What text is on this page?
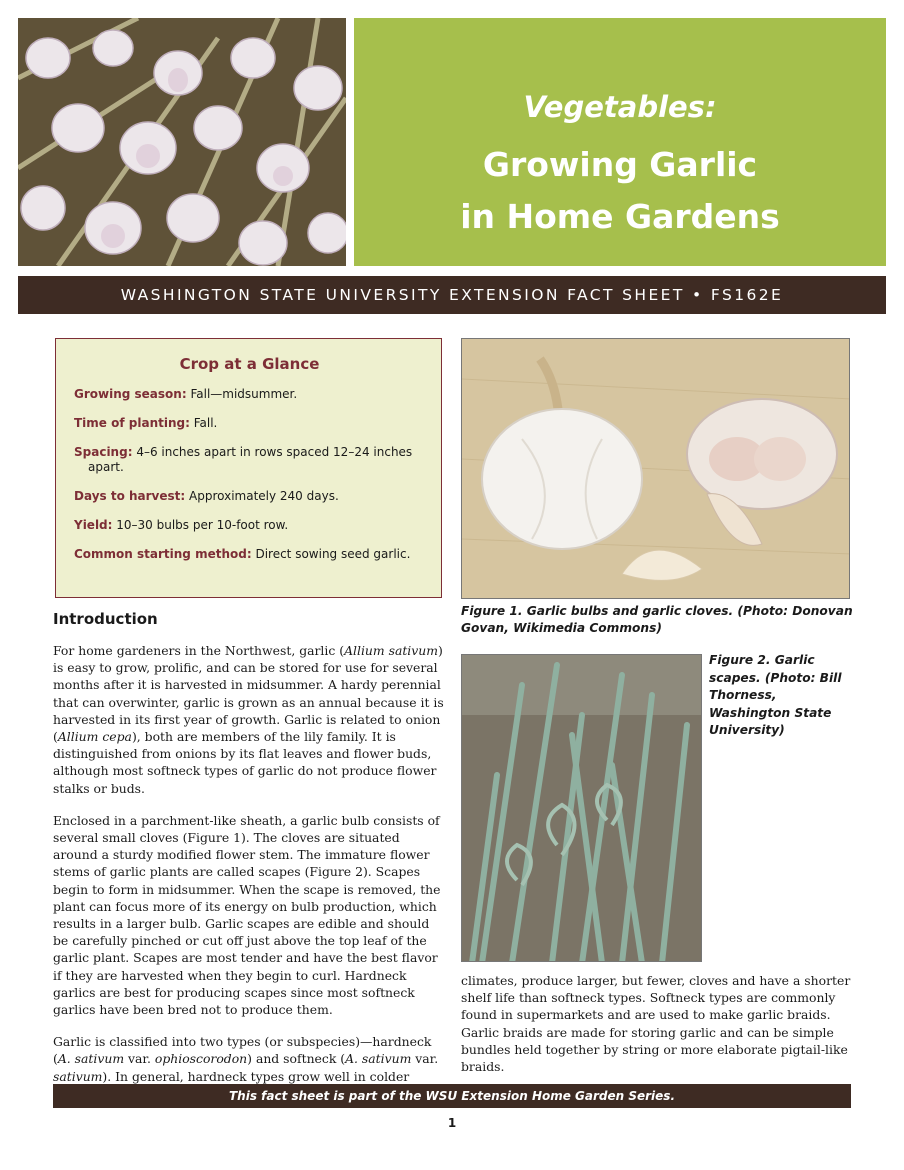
Vegetables:
Growing Garlic
in Home Gardens
WASHINGTON STATE UNIVERSITY EXTENSION FACT SHEET • FS162E
Crop at a Glance
Growing season: Fall—midsummer.
Time of planting: Fall.
Spacing: 4–6 inches apart in rows spaced 12–24 inches apart.
Days to harvest: Approximately 240 days.
Yield: 10–30 bulbs per 10-foot row.
Common starting method: Direct sowing seed garlic.
Figure 1. Garlic bulbs and garlic cloves. (Photo: Donovan Govan, Wikimedia Commons)
Figure 2. Garlic scapes. (Photo: Bill Thorness, Washington State University)
Introduction

For home gardeners in the Northwest, garlic (Allium sativum) is easy to grow, prolific, and can be stored for use for several months after it is harvested in midsummer. A hardy perennial that can overwinter, garlic is grown as an annual because it is harvested in its first year of growth. Garlic is related to onion (Allium cepa), both are members of the lily family. It is distinguished from onions by its flat leaves and flower buds, although most softneck types of garlic do not produce flower stalks or buds.

Enclosed in a parchment-like sheath, a garlic bulb consists of several small cloves (Figure 1). The cloves are situated around a sturdy modified flower stem. The immature flower stems of garlic plants are called scapes (Figure 2). Scapes begin to form in midsummer. When the scape is removed, the plant can focus more of its energy on bulb production, which results in a larger bulb. Garlic scapes are edible and should be carefully pinched or cut off just above the top leaf of the garlic plant. Scapes are most tender and have the best flavor if they are harvested when they begin to curl. Hardneck garlics are best for producing scapes since most softneck garlics have been bred not to produce them.

Garlic is classified into two types (or subspecies)—hardneck (A. sativum var. ophioscorodon) and softneck (A. sativum var. sativum). In general, hardneck types grow well in colder

climates, produce larger, but fewer, cloves and have a shorter shelf life than softneck types. Softneck types are commonly found in supermarkets and are used to make garlic braids. Garlic braids are made for storing garlic and can be simple bundles held together by string or more elaborate pigtail-like braids.
This fact sheet is part of the WSU Extension Home Garden Series.
1
